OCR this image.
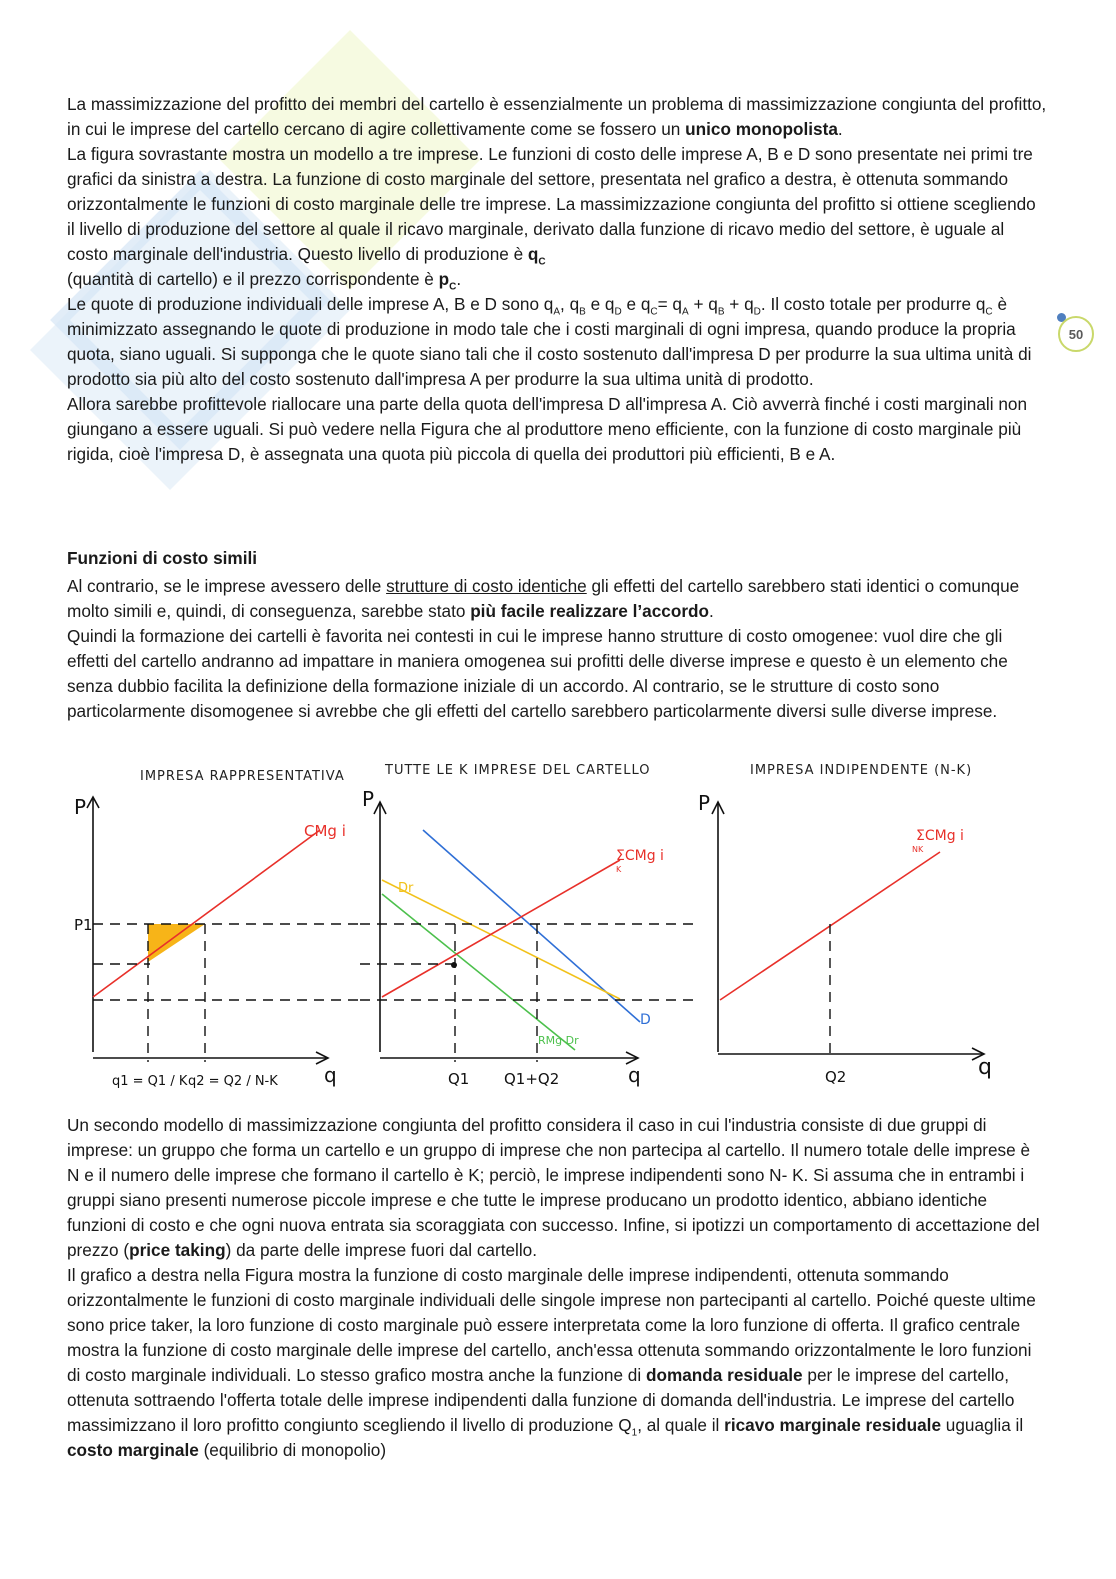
50

La massimizzazione del profitto dei membri del cartello è essenzialmente un problema di massimizzazione congiunta del profitto, in cui le imprese del cartello cercano di agire collettivamente come se fossero un unico monopolista.

La figura sovrastante mostra un modello a tre imprese. Le funzioni di costo delle imprese A, B e D sono presentate nei primi tre grafici da sinistra a destra. La funzione di costo marginale del settore, presentata nel grafico a destra, è ottenuta sommando orizzontalmente le funzioni di costo marginale delle tre imprese. La massimizzazione congiunta del profitto si ottiene scegliendo il livello di produzione del settore al quale il ricavo marginale, derivato dalla funzione di ricavo medio del settore, è uguale al costo marginale dell'industria. Questo livello di produzione è $q_C$

(quantità di cartello) e il prezzo corrispondente è $p_C$.

Le quote di produzione individuali delle imprese A, B e D sono $q_A$, $q_B$ e $q_D$ e $q_C= q_A + q_B + q_D$. Il costo totale per produrre $q_C$ è minimizzato assegnando le quote di produzione in modo tale che i costi marginali di ogni impresa, quando produce la propria quota, siano uguali. Si supponga che le quote siano tali che il costo sostenuto dall'impresa D per produrre la sua ultima unità di prodotto sia più alto del costo sostenuto dall'impresa A per produrre la sua ultima unità di prodotto.

Allora sarebbe profittevole riallocare una parte della quota dell'impresa D all'impresa A. Ciò avverrà finché i costi marginali non giungano a essere uguali. Si può vedere nella Figura che al produttore meno efficiente, con la funzione di costo marginale più rigida, cioè l'impresa D, è assegnata una quota più piccola di quella dei produttori più efficienti, B e A.

Funzioni di costo simili

Al contrario, se le imprese avessero delle strutture di costo identiche gli effetti del cartello sarebbero stati identici o comunque molto simili e, quindi, di conseguenza, sarebbe stato più facile realizzare l’accordo.

Quindi la formazione dei cartelli è favorita nei contesti in cui le imprese hanno strutture di costo omogenee: vuol dire che gli effetti del cartello andranno ad impattare in maniera omogenea sui profitti delle diverse imprese e questo è un elemento che senza dubbio facilita la definizione della formazione iniziale di un accordo. Al contrario, se le strutture di costo sono particolarmente disomogenee si avrebbe che gli effetti del cartello sarebbero particolarmente diversi sulle diverse imprese.

IMPRESA RAPPRESENTATIVA	TUTTE LE K IMPRESE DEL CARTELLO	IMPRESA INDIPENDENTE (N-K)
P
q
P1
CMg i
q1 = Q1 / K q2 = Q2 / N-K
P
q
Dr
ΣCMg i
K
D
RMg Dr
Q1 Q1+Q2
P
q
ΣCMg i
NK
Q2

Un secondo modello di massimizzazione congiunta del profitto considera il caso in cui l'industria consiste di due gruppi di imprese: un gruppo che forma un cartello e un gruppo di imprese che non partecipa al cartello. Il numero totale delle imprese è N e il numero delle imprese che formano il cartello è K; perciò, le imprese indipendenti sono N- K. Si assuma che in entrambi i gruppi siano presenti numerose piccole imprese e che tutte le imprese producano un prodotto identico, abbiano identiche funzioni di costo e che ogni nuova entrata sia scoraggiata con successo. Infine, si ipotizzi un comportamento di accettazione del prezzo (price taking) da parte delle imprese fuori dal cartello.

Il grafico a destra nella Figura mostra la funzione di costo marginale delle imprese indipendenti, ottenuta sommando orizzontalmente le funzioni di costo marginale individuali delle singole imprese non partecipanti al cartello. Poiché queste ultime sono price taker, la loro funzione di costo marginale può essere interpretata come la loro funzione di offerta. Il grafico centrale mostra la funzione di costo marginale delle imprese del cartello, anch'essa ottenuta sommando orizzontalmente le loro funzioni di costo marginale individuali. Lo stesso grafico mostra anche la funzione di domanda residuale per le imprese del cartello, ottenuta sottraendo l'offerta totale delle imprese indipendenti dalla funzione di domanda dell'industria. Le imprese del cartello massimizzano il loro profitto congiunto scegliendo il livello di produzione $Q_1$, al quale il ricavo marginale residuale uguaglia il costo marginale (equilibrio di monopolio)
